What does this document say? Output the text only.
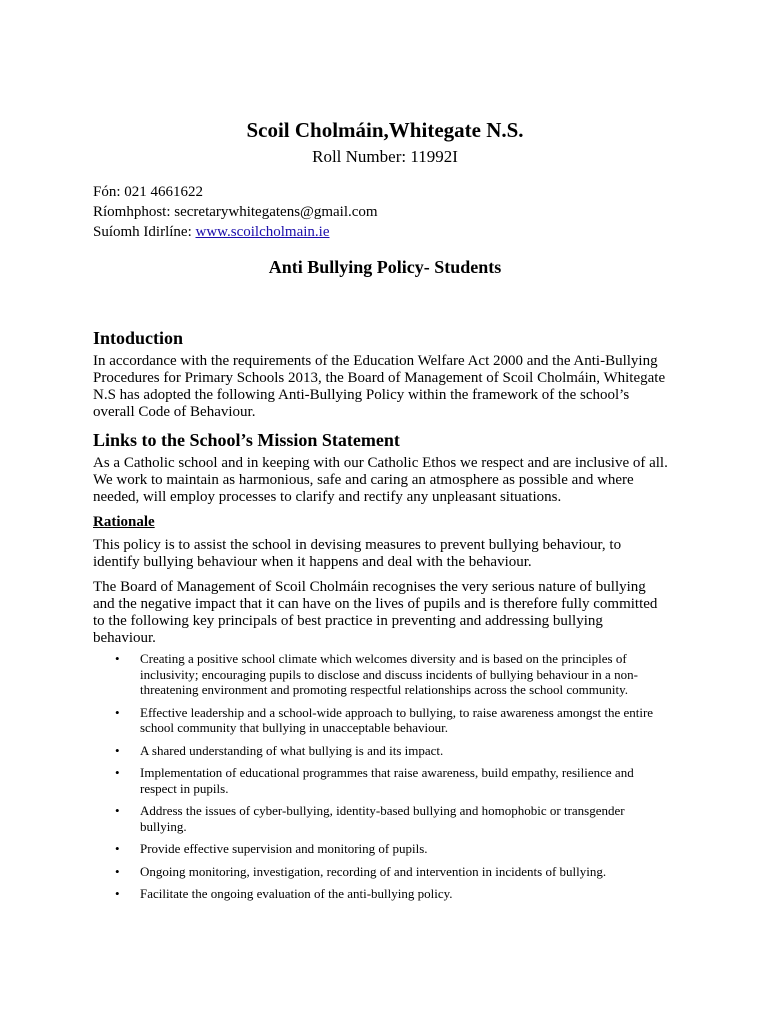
Scoil Cholmáin,Whitegate N.S.
Roll Number: 11992I
Fón: 021 4661622
Ríomhphost: secretarywhitegatens@gmail.com
Suíomh Idirlíne: www.scoilcholmain.ie
Anti Bullying Policy- Students
Intoduction

In accordance with the requirements of the Education Welfare Act 2000 and the Anti-Bullying Procedures for Primary Schools 2013, the Board of Management of Scoil Cholmáin, Whitegate N.S has adopted the following Anti-Bullying Policy within the framework of the school’s overall Code of Behaviour.

Links to the School’s Mission Statement

As a Catholic school and in keeping with our Catholic Ethos we respect and are inclusive of all. We work to maintain as harmonious, safe and caring an atmosphere as possible and where needed, will employ processes to clarify and rectify any unpleasant situations.

Rationale

This policy is to assist the school in devising measures to prevent bullying behaviour, to identify bullying behaviour when it happens and deal with the behaviour.

The Board of Management of Scoil Cholmáin recognises the very serious nature of bullying and the negative impact that it can have on the lives of pupils and is therefore fully committed to the following key principals of best practice in preventing and addressing bullying behaviour.

• Creating a positive school climate which welcomes diversity and is based on the principles of inclusivity; encouraging pupils to disclose and discuss incidents of bullying behaviour in a non-threatening environment and promoting respectful relationships across the school community.
• Effective leadership and a school-wide approach to bullying, to raise awareness amongst the entire school community that bullying in unacceptable behaviour.
• A shared understanding of what bullying is and its impact.
• Implementation of educational programmes that raise awareness, build empathy, resilience and respect in pupils.
• Address the issues of cyber-bullying, identity-based bullying and homophobic or transgender bullying.
• Provide effective supervision and monitoring of pupils.
• Ongoing monitoring, investigation, recording of and intervention in incidents of bullying.
• Facilitate the ongoing evaluation of the anti-bullying policy.
